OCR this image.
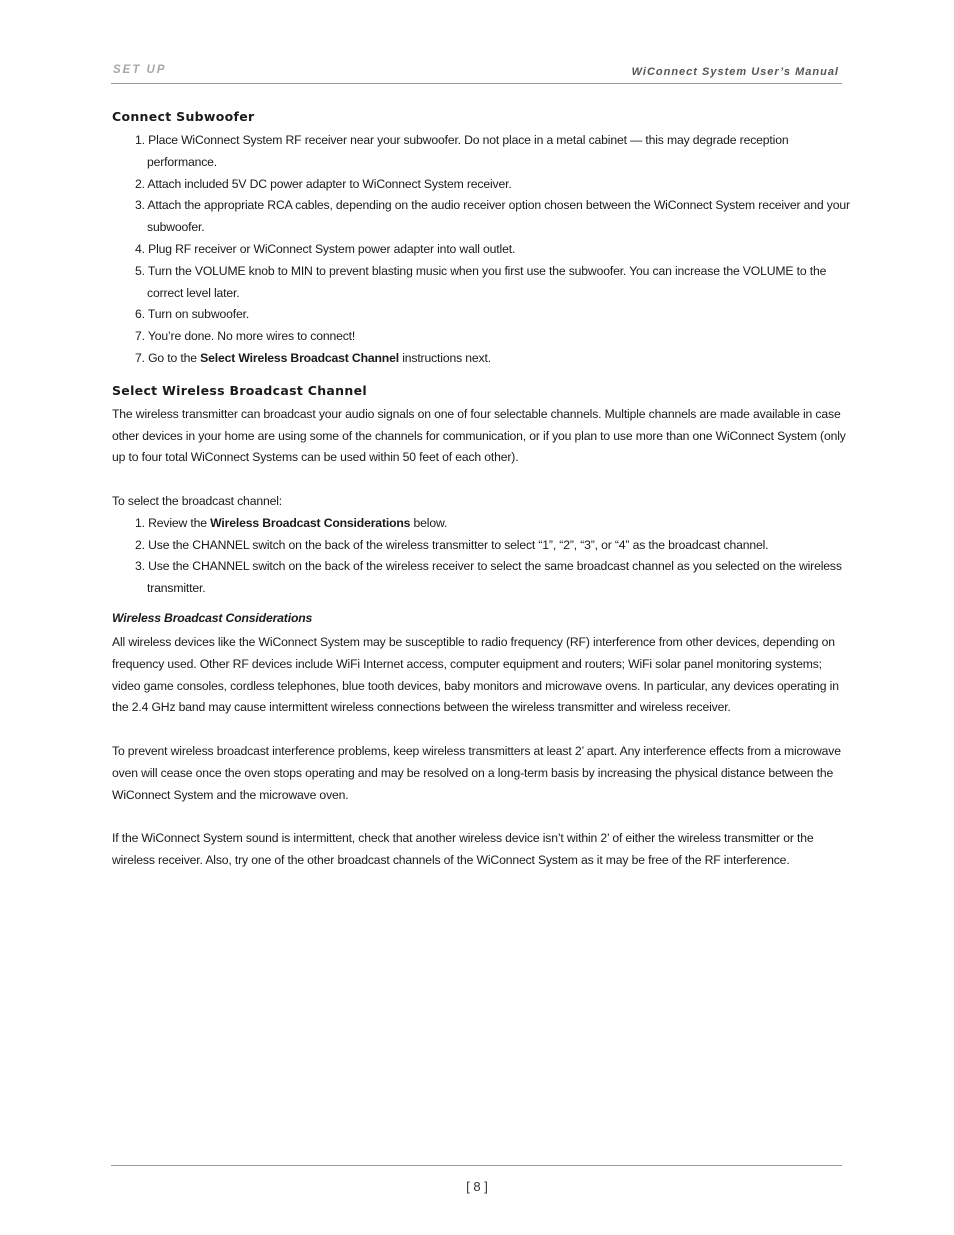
SET UP	WiConnect System User’s Manual
Connect Subwoofer
1. Place WiConnect System RF receiver near your subwoofer. Do not place in a metal cabinet — this may degrade reception performance.
2. Attach included 5V DC power adapter to WiConnect System receiver.
3. Attach the appropriate RCA cables, depending on the audio receiver option chosen between the WiConnect System receiver and your subwoofer.
4. Plug RF receiver or WiConnect System power adapter into wall outlet.
5. Turn the VOLUME knob to MIN to prevent blasting music when you first use the subwoofer. You can increase the VOLUME to the correct level later.
6. Turn on subwoofer.
7. You’re done. No more wires to connect!
7. Go to the Select Wireless Broadcast Channel instructions next.
Select Wireless Broadcast Channel

The wireless transmitter can broadcast your audio signals on one of four selectable channels. Multiple channels are made available in case other devices in your home are using some of the channels for communication, or if you plan to use more than one WiConnect System (only up to four total WiConnect Systems can be used within 50 feet of each other).

To select the broadcast channel:

1. Review the Wireless Broadcast Considerations below.
2. Use the CHANNEL switch on the back of the wireless transmitter to select “1”, “2”, “3”, or “4” as the broadcast channel.
3. Use the CHANNEL switch on the back of the wireless receiver to select the same broadcast channel as you selected on the wireless transmitter.
Wireless Broadcast Considerations

All wireless devices like the WiConnect System may be susceptible to radio frequency (RF) interference from other devices, depending on frequency used. Other RF devices include WiFi Internet access, computer equipment and routers; WiFi solar panel monitoring systems; video game consoles, cordless telephones, blue tooth devices, baby monitors and microwave ovens. In particular, any devices operating in the 2.4 GHz band may cause intermittent wireless connections between the wireless transmitter and wireless receiver.

To prevent wireless broadcast interference problems, keep wireless transmitters at least 2’ apart. Any interference effects from a microwave oven will cease once the oven stops operating and may be resolved on a long-term basis by increasing the physical distance between the WiConnect System and the microwave oven.

If the WiConnect System sound is intermittent, check that another wireless device isn’t within 2’ of either the wireless transmitter or the wireless receiver. Also, try one of the other broadcast channels of the WiConnect System as it may be free of the RF interference.

[ 8 ]
